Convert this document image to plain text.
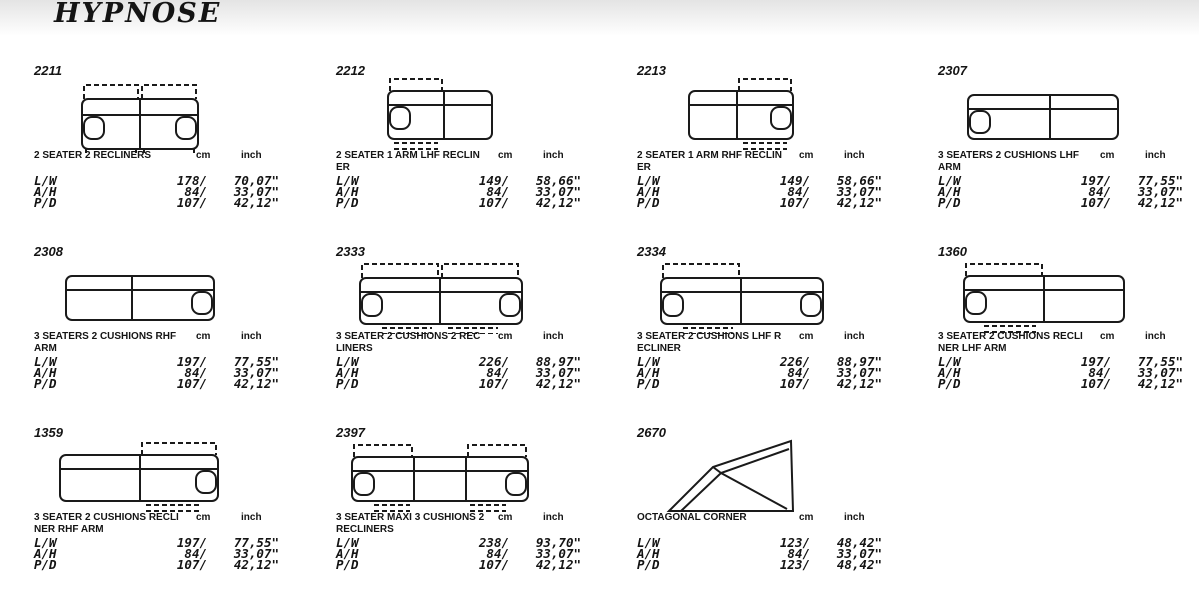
HYPNOSE
2211
2 SEATER 2 RECLINERS	cm	inch
L/W	178/ 70,07"
A/H	84/ 33,07"
P/D	107/ 42,12"
2212
2 SEATER 1 ARM LHF RECLINER
cm	inch
L/W	149/ 58,66"
A/H	84/ 33,07"
P/D	107/ 42,12"
2213
2 SEATER 1 ARM RHF RECLINER
cm	inch
L/W	149/ 58,66"
A/H	84/ 33,07"
P/D	107/ 42,12"
2307
3 SEATERS 2 CUSHIONS LHF ARM
cm	inch
L/W	197/ 77,55"
A/H	84/ 33,07"
P/D	107/ 42,12"
2308
3 SEATERS 2 CUSHIONS RHF ARM
cm	inch
L/W	197/ 77,55"
A/H	84/ 33,07"
P/D	107/ 42,12"
2333
3 SEATER 2 CUSHIONS 2 RECLINERS
cm	inch
L/W	226/ 88,97"
A/H	84/ 33,07"
P/D	107/ 42,12"
2334
3 SEATER 2 CUSHIONS LHF RECLINER
cm	inch
L/W	226/ 88,97"
A/H	84/ 33,07"
P/D	107/ 42,12"
1360
3 SEATER 2 CUSHIONS RECLINER LHF ARM
cm	inch
L/W	197/ 77,55"
A/H	84/ 33,07"
P/D	107/ 42,12"
1359
3 SEATER 2 CUSHIONS RECLINER RHF ARM
cm	inch
L/W	197/ 77,55"
A/H	84/ 33,07"
P/D	107/ 42,12"
2397
3 SEATER MAXI 3 CUSHIONS 2 RECLINERS
cm	inch
L/W	238/ 93,70"
A/H	84/ 33,07"
P/D	107/ 42,12"
2670
OCTAGONAL CORNER	cm	inch
L/W	123/ 48,42"
A/H	84/ 33,07"
P/D	123/ 48,42"
